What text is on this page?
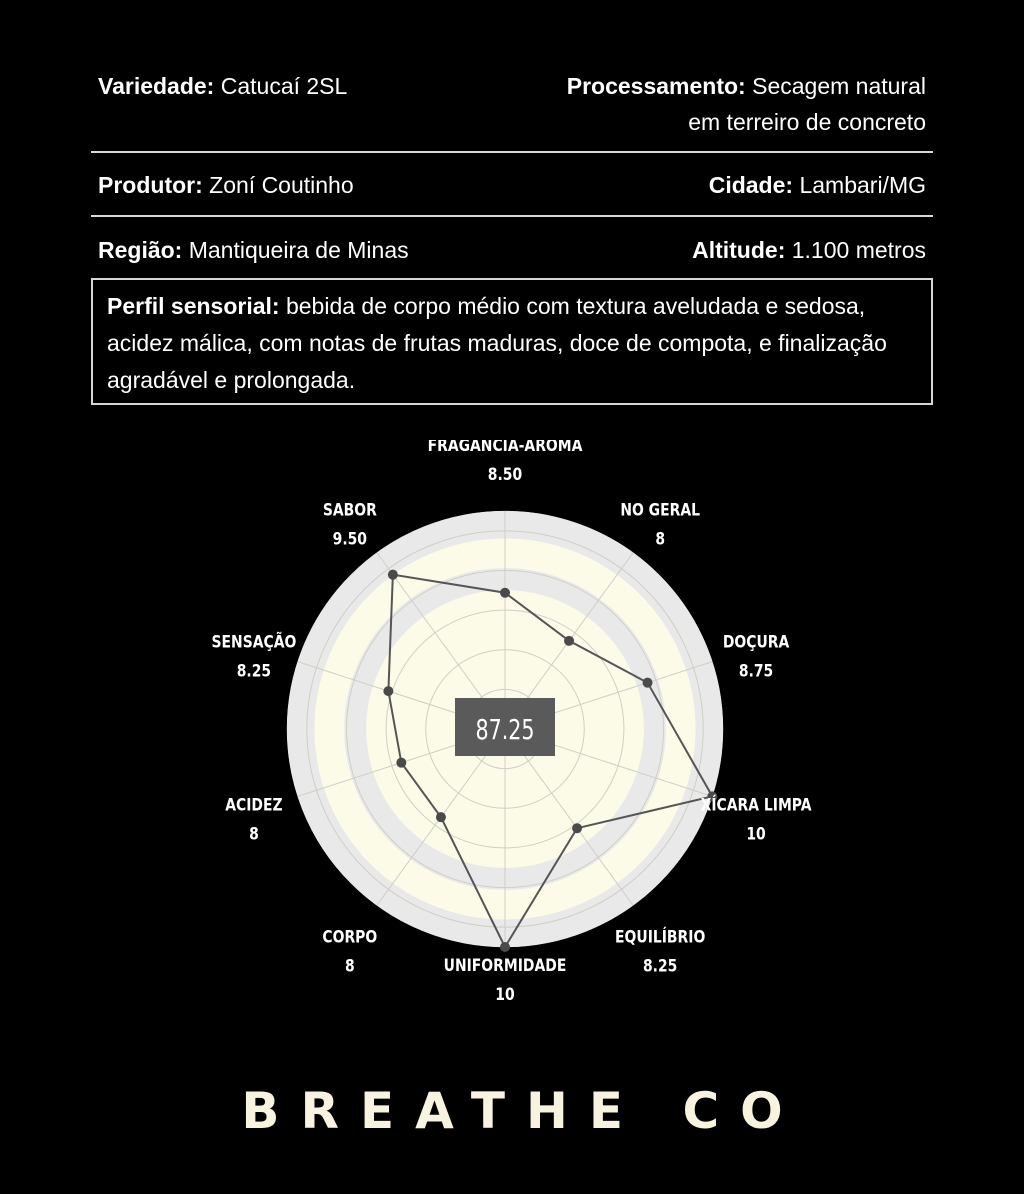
Variedade: Catucaí 2SL	Processamento: Secagem natural
em terreiro de concreto
Produtor: Zoní Coutinho	Cidade: Lambari/MG
Região: Mantiqueira de Minas	Altitude: 1.100 metros
Perfil sensorial: bebida de corpo médio com textura aveludada e sedosa, acidez málica, com notas de frutas maduras, doce de compota, e finalização agradável e prolongada.
87.25
FRAGÂNCIA-AROMA
8.50
NO GERAL
8
DOÇURA
8.75
XÍCARA LIMPA
10
EQUILÍBRIO
8.25
UNIFORMIDADE
10
CORPO
8
ACIDEZ
8
SENSAÇÃO
8.25
SABOR
9.50
BREATHE CO
